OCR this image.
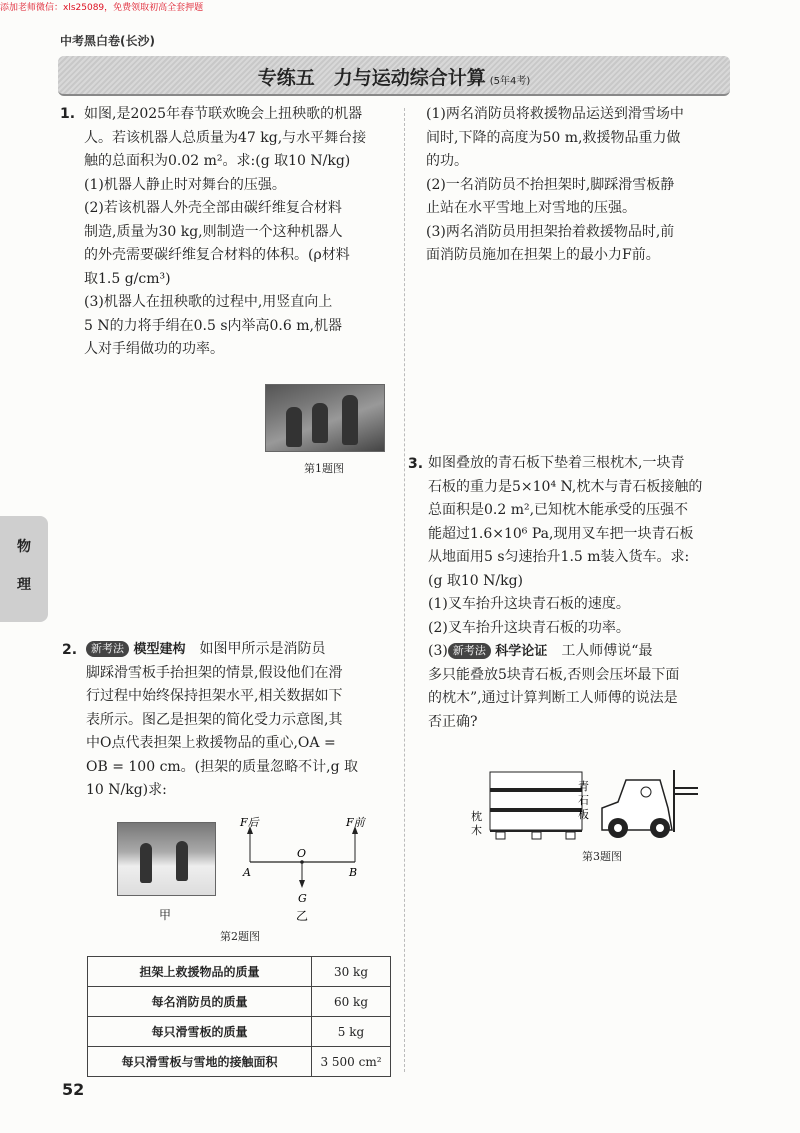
添加老师微信：xls25089，免费领取初高全套押题
中考黑白卷(长沙)
专练五　力与运动综合计算 (5年4考)
物
理
1. 如图,是2025年春节联欢晚会上扭秧歌的机器

人。若该机器人总质量为47 kg,与水平舞台接

触的总面积为0.02 m²。求:(g 取10 N/kg)

(1)机器人静止时对舞台的压强。

(2)若该机器人外壳全部由碳纤维复合材料

制造,质量为30 kg,则制造一个这种机器人

的外壳需要碳纤维复合材料的体积。(ρ材料

取1.5 g/cm³)

(3)机器人在扭秧歌的过程中,用竖直向上

5 N的力将手绢在0.5 s内举高0.6 m,机器

人对手绢做功的功率。

第1题图
2.	新考法 模型建构　 如图甲所示是消防员

脚踩滑雪板手抬担架的情景,假设他们在滑

行过程中始终保持担架水平,相关数据如下

表所示。图乙是担架的简化受力示意图,其

中O点代表担架上救援物品的重心,OA =

OB = 100 cm。(担架的质量忽略不计,g 取

10 N/kg)求:

F后	F前
O
A	B
G
乙
甲
第2题图
担架上救援物品的质量	30 kg
每名消防员的质量	60 kg
每只滑雪板的质量	5 kg
每只滑雪板与雪地的接触面积	3 500 cm²

(1)两名消防员将救援物品运送到滑雪场中

间时,下降的高度为50 m,救援物品重力做

的功。

(2)一名消防员不抬担架时,脚踩滑雪板静

止站在水平雪地上对雪地的压强。

(3)两名消防员用担架抬着救援物品时,前

面消防员施加在担架上的最小力F前。

3. 如图叠放的青石板下垫着三根枕木,一块青

石板的重力是5×10⁴ N,枕木与青石板接触的

总面积是0.2 m²,已知枕木能承受的压强不

能超过1.6×10⁶ Pa,现用叉车把一块青石板

从地面用5 s匀速抬升1.5 m装入货车。求:

(g 取10 N/kg)

(1)叉车抬升这块青石板的速度。

(2)叉车抬升这块青石板的功率。

(3) 新考法 科学论证　 工人师傅说“最

多只能叠放5块青石板,否则会压坏最下面

的枕木”,通过计算判断工人师傅的说法是

否正确?

枕
木
青
石
板
第3题图
52
